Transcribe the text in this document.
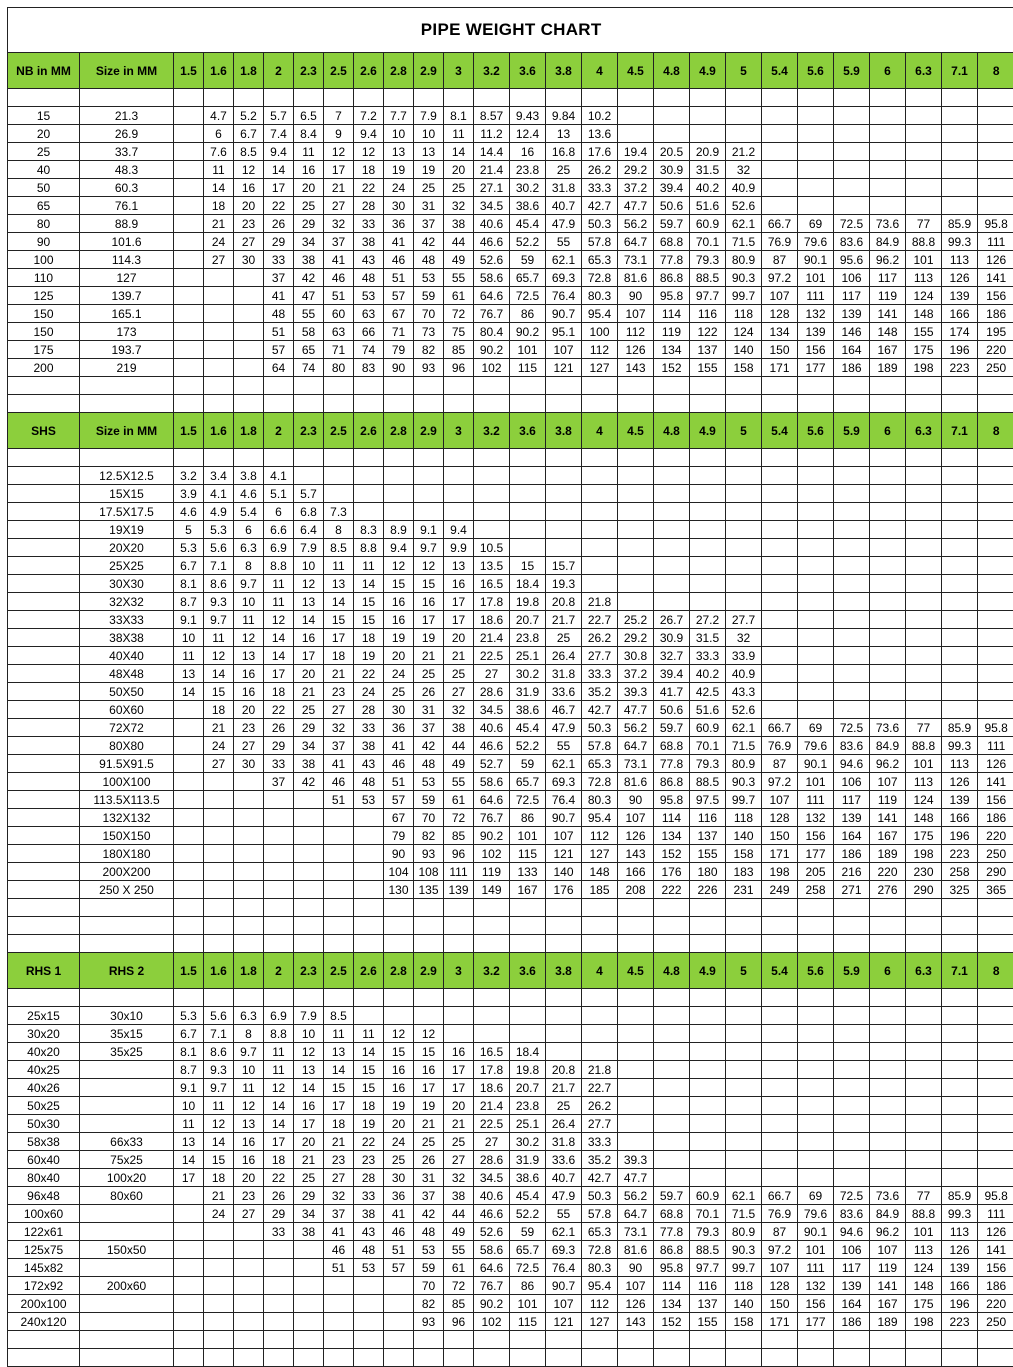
PIPE WEIGHT CHART																										
NB in MM	Size in MM	1.5	1.6	1.8	2	2.3	2.5	2.6	2.8	2.9	3	3.2	3.6	3.8	4	4.5	4.8	4.9	5	5.4	5.6	5.9	6	6.3	7.1	8

15	21.3		4.7	5.2	5.7	6.5	7	7.2	7.7	7.9	8.1	8.57	9.43	9.84	10.2											
20	26.9		6	6.7	7.4	8.4	9	9.4	10	10	11	11.2	12.4	13	13.6											
25	33.7		7.6	8.5	9.4	11	12	12	13	13	14	14.4	16	16.8	17.6	19.4	20.5	20.9	21.2							
40	48.3		11	12	14	16	17	18	19	19	20	21.4	23.8	25	26.2	29.2	30.9	31.5	32							
50	60.3		14	16	17	20	21	22	24	25	25	27.1	30.2	31.8	33.3	37.2	39.4	40.2	40.9							
65	76.1		18	20	22	25	27	28	30	31	32	34.5	38.6	40.7	42.7	47.7	50.6	51.6	52.6							
80	88.9		21	23	26	29	32	33	36	37	38	40.6	45.4	47.9	50.3	56.2	59.7	60.9	62.1	66.7	69	72.5	73.6	77	85.9	95.8
90	101.6		24	27	29	34	37	38	41	42	44	46.6	52.2	55	57.8	64.7	68.8	70.1	71.5	76.9	79.6	83.6	84.9	88.8	99.3	111
100	114.3		27	30	33	38	41	43	46	48	49	52.6	59	62.1	65.3	73.1	77.8	79.3	80.9	87	90.1	95.6	96.2	101	113	126
110	127				37	42	46	48	51	53	55	58.6	65.7	69.3	72.8	81.6	86.8	88.5	90.3	97.2	101	106	117	113	126	141
125	139.7				41	47	51	53	57	59	61	64.6	72.5	76.4	80.3	90	95.8	97.7	99.7	107	111	117	119	124	139	156
150	165.1				48	55	60	63	67	70	72	76.7	86	90.7	95.4	107	114	116	118	128	132	139	141	148	166	186
150	173				51	58	63	66	71	73	75	80.4	90.2	95.1	100	112	119	122	124	134	139	146	148	155	174	195
175	193.7				57	65	71	74	79	82	85	90.2	101	107	112	126	134	137	140	150	156	164	167	175	196	220
200	219				64	74	80	83	90	93	96	102	115	121	127	143	152	155	158	171	177	186	189	198	223	250

SHS	Size in MM	1.5	1.6	1.8	2	2.3	2.5	2.6	2.8	2.9	3	3.2	3.6	3.8	4	4.5	4.8	4.9	5	5.4	5.6	5.9	6	6.3	7.1	8

	12.5X12.5	3.2	3.4	3.8	4.1																					
	15X15	3.9	4.1	4.6	5.1	5.7																				
	17.5X17.5	4.6	4.9	5.4	6	6.8	7.3																			
	19X19	5	5.3	6	6.6	6.4	8	8.3	8.9	9.1	9.4															
	20X20	5.3	5.6	6.3	6.9	7.9	8.5	8.8	9.4	9.7	9.9	10.5														
	25X25	6.7	7.1	8	8.8	10	11	11	12	12	13	13.5	15	15.7												
	30X30	8.1	8.6	9.7	11	12	13	14	15	15	16	16.5	18.4	19.3												
	32X32	8.7	9.3	10	11	13	14	15	16	16	17	17.8	19.8	20.8	21.8											
	33X33	9.1	9.7	11	12	14	15	15	16	17	17	18.6	20.7	21.7	22.7	25.2	26.7	27.2	27.7							
	38X38	10	11	12	14	16	17	18	19	19	20	21.4	23.8	25	26.2	29.2	30.9	31.5	32							
	40X40	11	12	13	14	17	18	19	20	21	21	22.5	25.1	26.4	27.7	30.8	32.7	33.3	33.9							
	48X48	13	14	16	17	20	21	22	24	25	25	27	30.2	31.8	33.3	37.2	39.4	40.2	40.9							
	50X50	14	15	16	18	21	23	24	25	26	27	28.6	31.9	33.6	35.2	39.3	41.7	42.5	43.3							
	60X60		18	20	22	25	27	28	30	31	32	34.5	38.6	46.7	42.7	47.7	50.6	51.6	52.6							
	72X72		21	23	26	29	32	33	36	37	38	40.6	45.4	47.9	50.3	56.2	59.7	60.9	62.1	66.7	69	72.5	73.6	77	85.9	95.8
	80X80		24	27	29	34	37	38	41	42	44	46.6	52.2	55	57.8	64.7	68.8	70.1	71.5	76.9	79.6	83.6	84.9	88.8	99.3	111
	91.5X91.5		27	30	33	38	41	43	46	48	49	52.7	59	62.1	65.3	73.1	77.8	79.3	80.9	87	90.1	94.6	96.2	101	113	126
	100X100				37	42	46	48	51	53	55	58.6	65.7	69.3	72.8	81.6	86.8	88.5	90.3	97.2	101	106	107	113	126	141
	113.5X113.5						51	53	57	59	61	64.6	72.5	76.4	80.3	90	95.8	97.5	99.7	107	111	117	119	124	139	156
	132X132								67	70	72	76.7	86	90.7	95.4	107	114	116	118	128	132	139	141	148	166	186
	150X150								79	82	85	90.2	101	107	112	126	134	137	140	150	156	164	167	175	196	220
	180X180								90	93	96	102	115	121	127	143	152	155	158	171	177	186	189	198	223	250
	200X200								104	108	111	119	133	140	148	166	176	180	183	198	205	216	220	230	258	290
	250 X 250								130	135	139	149	167	176	185	208	222	226	231	249	258	271	276	290	325	365

RHS 1	RHS 2	1.5	1.6	1.8	2	2.3	2.5	2.6	2.8	2.9	3	3.2	3.6	3.8	4	4.5	4.8	4.9	5	5.4	5.6	5.9	6	6.3	7.1	8

25x15	30x10	5.3	5.6	6.3	6.9	7.9	8.5																			
30x20	35x15	6.7	7.1	8	8.8	10	11	11	12	12																
40x20	35x25	8.1	8.6	9.7	11	12	13	14	15	15	16	16.5	18.4													
40x25		8.7	9.3	10	11	13	14	15	16	16	17	17.8	19.8	20.8	21.8											
40x26		9.1	9.7	11	12	14	15	15	16	17	17	18.6	20.7	21.7	22.7											
50x25		10	11	12	14	16	17	18	19	19	20	21.4	23.8	25	26.2											
50x30		11	12	13	14	17	18	19	20	21	21	22.5	25.1	26.4	27.7											
58x38	66x33	13	14	16	17	20	21	22	24	25	25	27	30.2	31.8	33.3											
60x40	75x25	14	15	16	18	21	23	23	25	26	27	28.6	31.9	33.6	35.2	39.3										
80x40	100x20	17	18	20	22	25	27	28	30	31	32	34.5	38.6	40.7	42.7	47.7										
96x48	80x60		21	23	26	29	32	33	36	37	38	40.6	45.4	47.9	50.3	56.2	59.7	60.9	62.1	66.7	69	72.5	73.6	77	85.9	95.8
100x60			24	27	29	34	37	38	41	42	44	46.6	52.2	55	57.8	64.7	68.8	70.1	71.5	76.9	79.6	83.6	84.9	88.8	99.3	111
122x61					33	38	41	43	46	48	49	52.6	59	62.1	65.3	73.1	77.8	79.3	80.9	87	90.1	94.6	96.2	101	113	126
125x75	150x50						46	48	51	53	55	58.6	65.7	69.3	72.8	81.6	86.8	88.5	90.3	97.2	101	106	107	113	126	141
145x82							51	53	57	59	61	64.6	72.5	76.4	80.3	90	95.8	97.7	99.7	107	111	117	119	124	139	156
172x92	200x60									70	72	76.7	86	90.7	95.4	107	114	116	118	128	132	139	141	148	166	186
200x100										82	85	90.2	101	107	112	126	134	137	140	150	156	164	167	175	196	220
240x120										93	96	102	115	121	127	143	152	155	158	171	177	186	189	198	223	250
